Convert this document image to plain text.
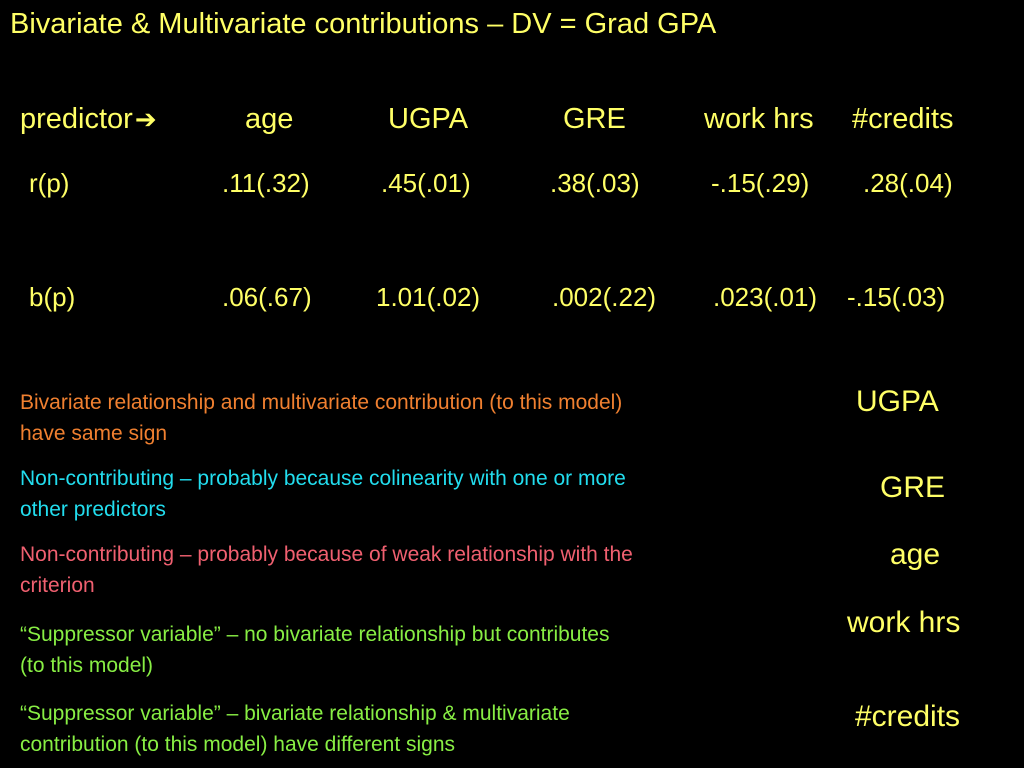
Bivariate & Multivariate contributions – DV = Grad GPA
predictor➔	age	UGPA	GRE	work hrs #credits
r(p)	.11(.32)	.45(.01)	.38(.03)	-.15(.29) .28(.04)
b(p)	.06(.67) 1.01(.02)	.002(.22) .023(.01) -.15(.03)
Bivariate relationship and multivariate contribution (to this model)
have same sign
UGPA
Non-contributing – probably because colinearity with one or more
other predictors
GRE
Non-contributing – probably because of weak relationship with the
criterion
age
“Suppressor variable” – no bivariate relationship but contributes
(to this model)
work hrs
“Suppressor variable” – bivariate relationship & multivariate
contribution (to this model) have different signs
#credits
